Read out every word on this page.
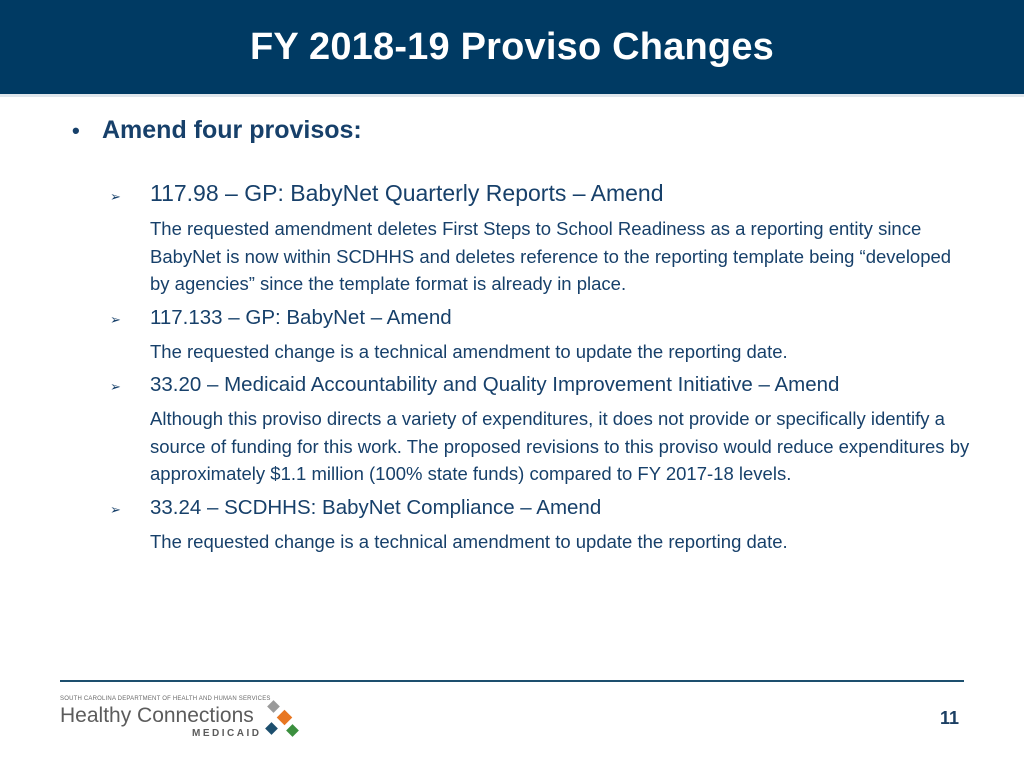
FY 2018-19 Proviso Changes
• Amend four provisos:

➢	117.98 – GP: BabyNet Quarterly Reports – Amend

The requested amendment deletes First Steps to School Readiness as a reporting entity since BabyNet is now within SCDHHS and deletes reference to the reporting template being “developed by agencies” since the template format is already in place.

➢	117.133 – GP: BabyNet – Amend

The requested change is a technical amendment to update the reporting date.

➢	33.20 – Medicaid Accountability and Quality Improvement Initiative – Amend

Although this proviso directs a variety of expenditures, it does not provide or specifically identify a source of funding for this work. The proposed revisions to this proviso would reduce expenditures by approximately $1.1 million (100% state funds) compared to FY 2017-18 levels.

➢	33.24 – SCDHHS: BabyNet Compliance – Amend

The requested change is a technical amendment to update the reporting date.

SOUTH CAROLINA DEPARTMENT OF HEALTH AND HUMAN SERVICES
Healthy Connections
MEDICAID
11
